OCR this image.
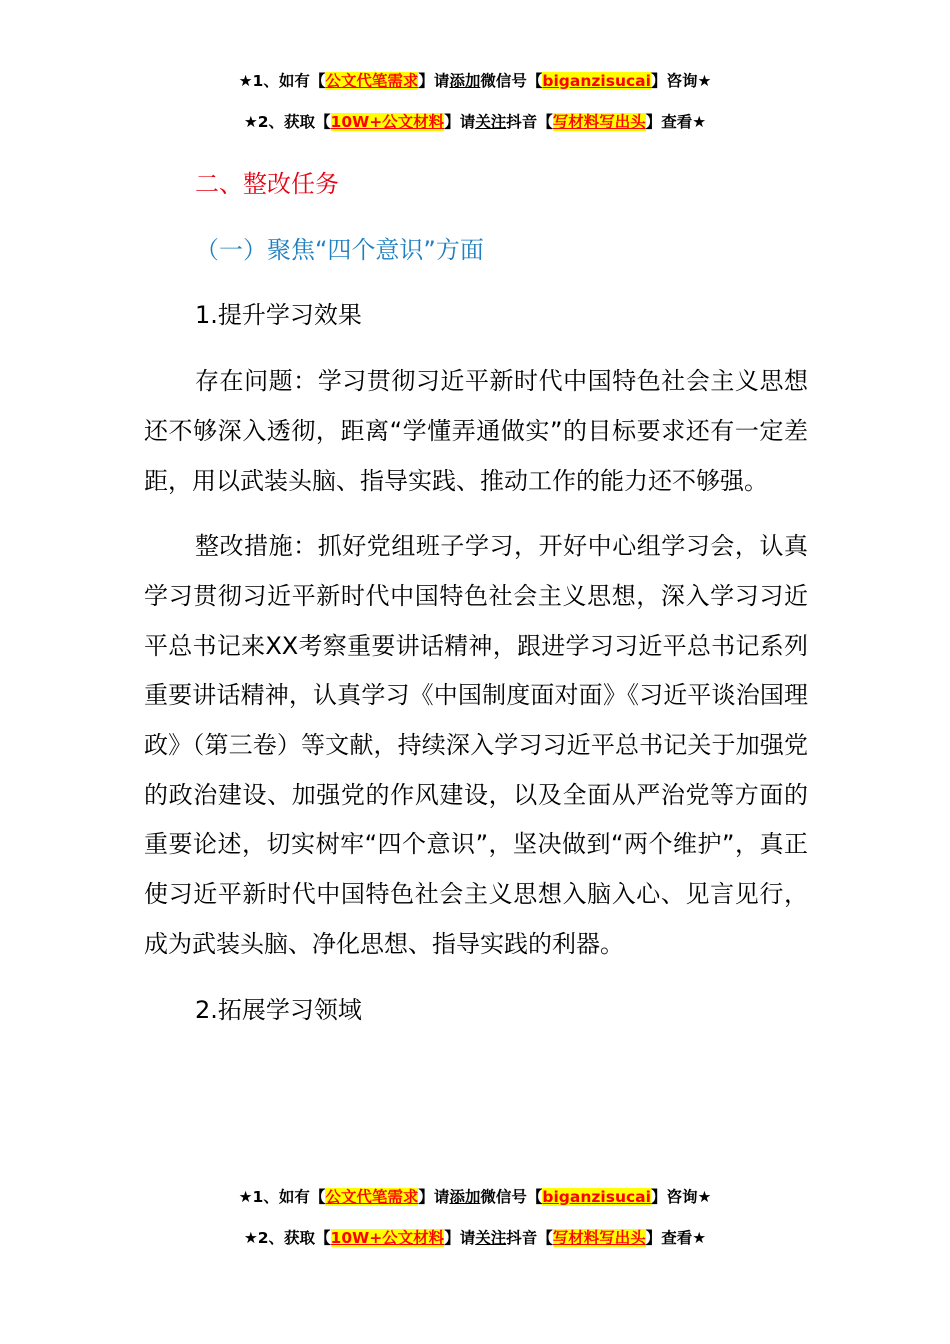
★1、如有【公文代笔需求】请添加微信号【biganzisucai】咨询★
★2、获取【10W+公文材料】请关注抖音【写材料写出头】查看★
二、整改任务
（一）聚焦“四个意识”方面
1.提升学习效果
存在问题：学习贯彻习近平新时代中国特色社会主义思想还不够深入透彻，距离“学懂弄通做实”的目标要求还有一定差距，用以武装头脑、指导实践、推动工作的能力还不够强。
整改措施：抓好党组班子学习，开好中心组学习会，认真学习贯彻习近平新时代中国特色社会主义思想，深入学习习近平总书记来XX考察重要讲话精神，跟进学习习近平总书记系列重要讲话精神，认真学习《中国制度面对面》《习近平谈治国理政》（第三卷）等文献，持续深入学习习近平总书记关于加强党的政治建设、加强党的作风建设，以及全面从严治党等方面的重要论述，切实树牢“四个意识”，坚决做到“两个维护”，真正使习近平新时代中国特色社会主义思想入脑入心、见言见行，成为武装头脑、净化思想、指导实践的利器。
2.拓展学习领域
★1、如有【公文代笔需求】请添加微信号【biganzisucai】咨询★
★2、获取【10W+公文材料】请关注抖音【写材料写出头】查看★
